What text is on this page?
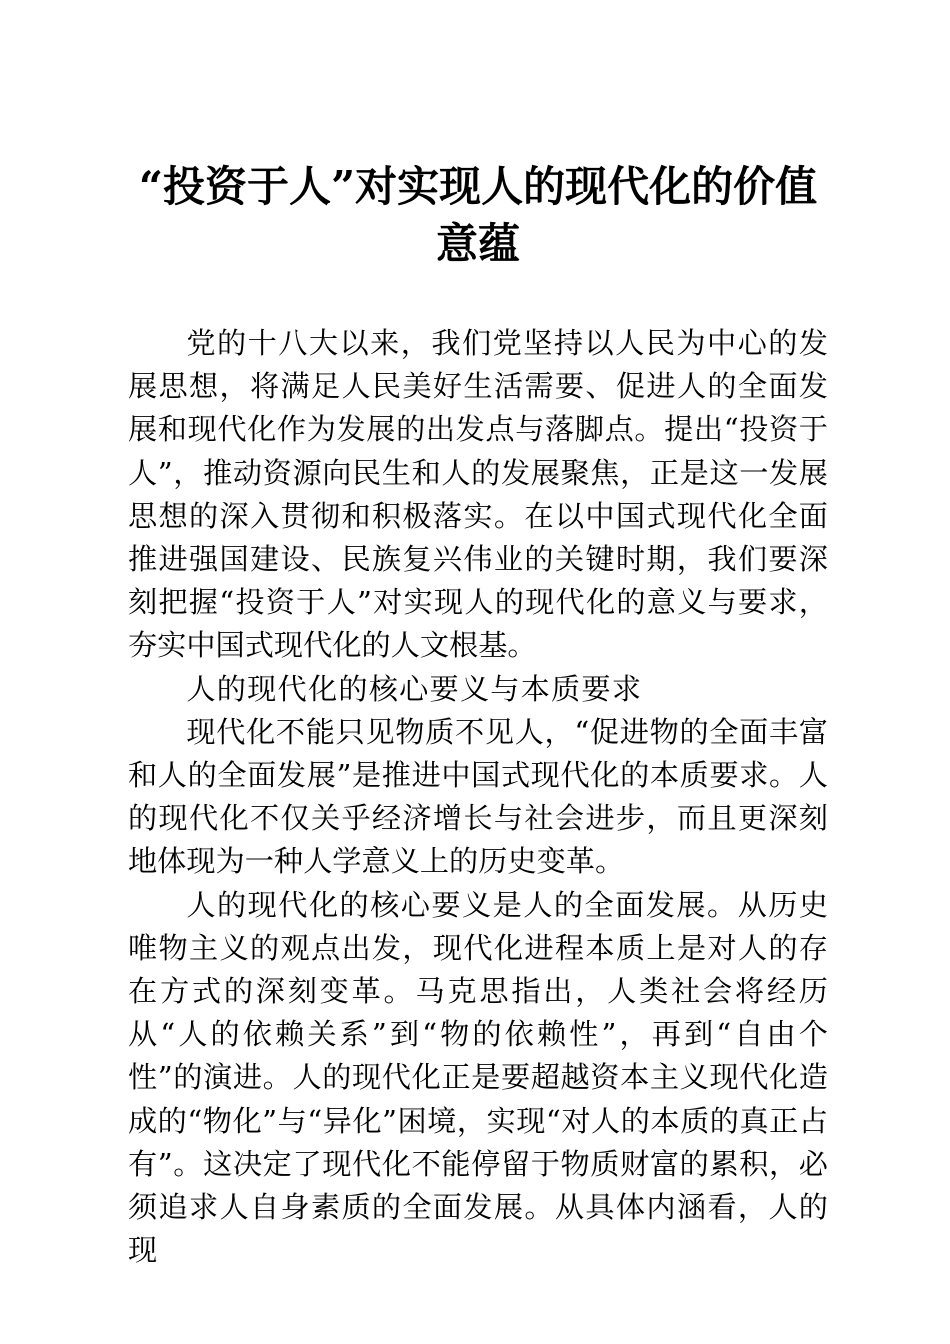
“投资于人”对实现人的现代化的价值意蕴

党的十八大以来，我们党坚持以人民为中心的发展思想，将满足人民美好生活需要、促进人的全面发展和现代化作为发展的出发点与落脚点。提出“投资于人”，推动资源向民生和人的发展聚焦，正是这一发展思想的深入贯彻和积极落实。在以中国式现代化全面推进强国建设、民族复兴伟业的关键时期，我们要深刻把握“投资于人”对实现人的现代化的意义与要求，夯实中国式现代化的人文根基。

人的现代化的核心要义与本质要求

现代化不能只见物质不见人，“促进物的全面丰富和人的全面发展”是推进中国式现代化的本质要求。人的现代化不仅关乎经济增长与社会进步，而且更深刻地体现为一种人学意义上的历史变革。

人的现代化的核心要义是人的全面发展。从历史唯物主义的观点出发，现代化进程本质上是对人的存在方式的深刻变革。马克思指出，人类社会将经历从“人的依赖关系”到“物的依赖性”，再到“自由个性”的演进。人的现代化正是要超越资本主义现代化造成的“物化”与“异化”困境，实现“对人的本质的真正占有”。这决定了现代化不能停留于物质财富的累积，必须追求人自身素质的全面发展。从具体内涵看，人的现
